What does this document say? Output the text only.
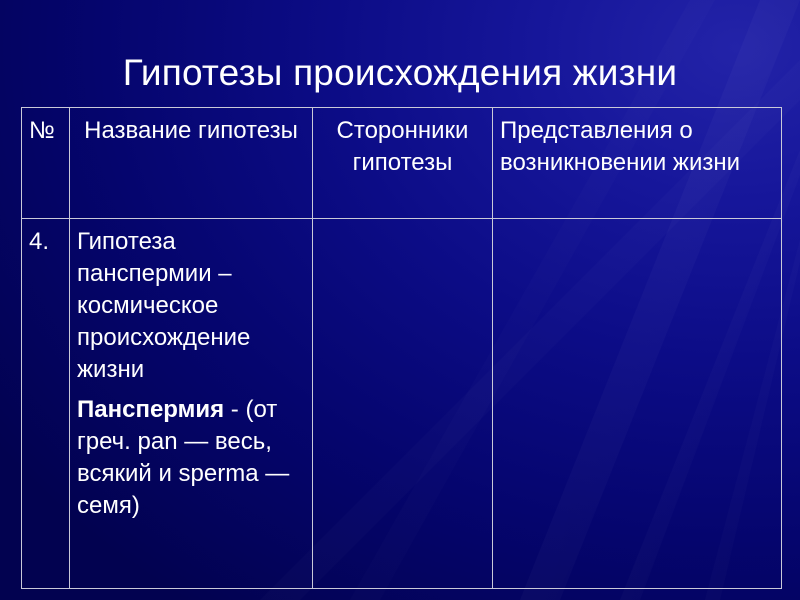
Гипотезы происхождения жизни
№	Название гипотезы	Сторонники гипотезы	Представления о возникновении жизни
4.	Гипотеза панспермии – космическое происхождение жизни
Панспермия - (от греч. pan — весь, всякий и sperma — семя)		
